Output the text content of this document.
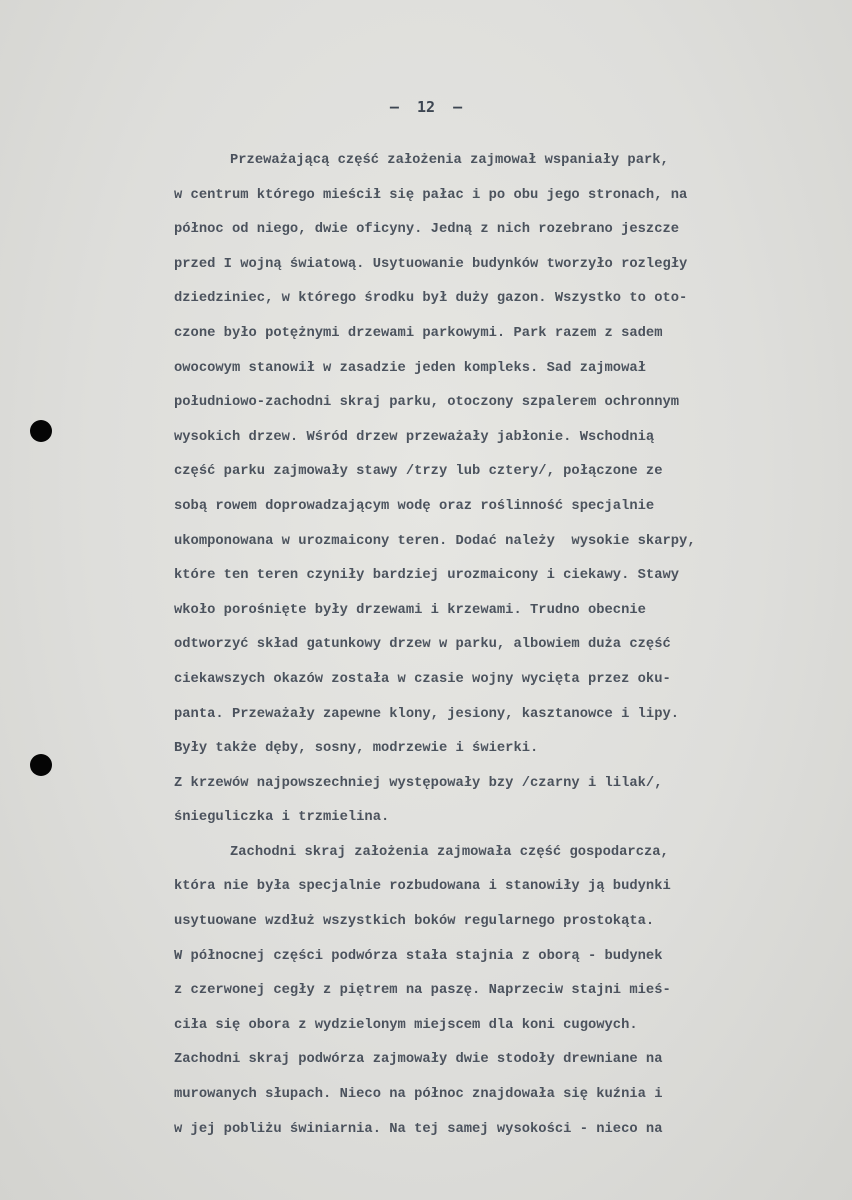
–  12  –
Przeważającą część założenia zajmował wspaniały park,
w centrum którego mieścił się pałac i po obu jego stronach, na
północ od niego, dwie oficyny. Jedną z nich rozebrano jeszcze
przed I wojną światową. Usytuowanie budynków tworzyło rozległy
dziedziniec, w którego środku był duży gazon. Wszystko to oto-
czone było potężnymi drzewami parkowymi. Park razem z sadem
owocowym stanowił w zasadzie jeden kompleks. Sad zajmował
południowo-zachodni skraj parku, otoczony szpalerem ochronnym
wysokich drzew. Wśród drzew przeważały jabłonie. Wschodnią
część parku zajmowały stawy /trzy lub cztery/, połączone ze
sobą rowem doprowadzającym wodę oraz roślinność specjalnie
ukomponowana w urozmaicony teren. Dodać należy  wysokie skarpy,
które ten teren czyniły bardziej urozmaicony i ciekawy. Stawy
wkoło porośnięte były drzewami i krzewami. Trudno obecnie
odtworzyć skład gatunkowy drzew w parku, albowiem duża część
ciekawszych okazów została w czasie wojny wycięta przez oku-
panta. Przeważały zapewne klony, jesiony, kasztanowce i lipy.
Były także dęby, sosny, modrzewie i świerki.
Z krzewów najpowszechniej występowały bzy /czarny i lilak/,
śnieguliczka i trzmielina.
Zachodni skraj założenia zajmowała część gospodarcza,
która nie była specjalnie rozbudowana i stanowiły ją budynki
usytuowane wzdłuż wszystkich boków regularnego prostokąta.
W północnej części podwórza stała stajnia z oborą - budynek
z czerwonej cegły z piętrem na paszę. Naprzeciw stajni mieś-
ciła się obora z wydzielonym miejscem dla koni cugowych.
Zachodni skraj podwórza zajmowały dwie stodoły drewniane na
murowanych słupach. Nieco na północ znajdowała się kuźnia i
w jej pobliżu świniarnia. Na tej samej wysokości - nieco na
